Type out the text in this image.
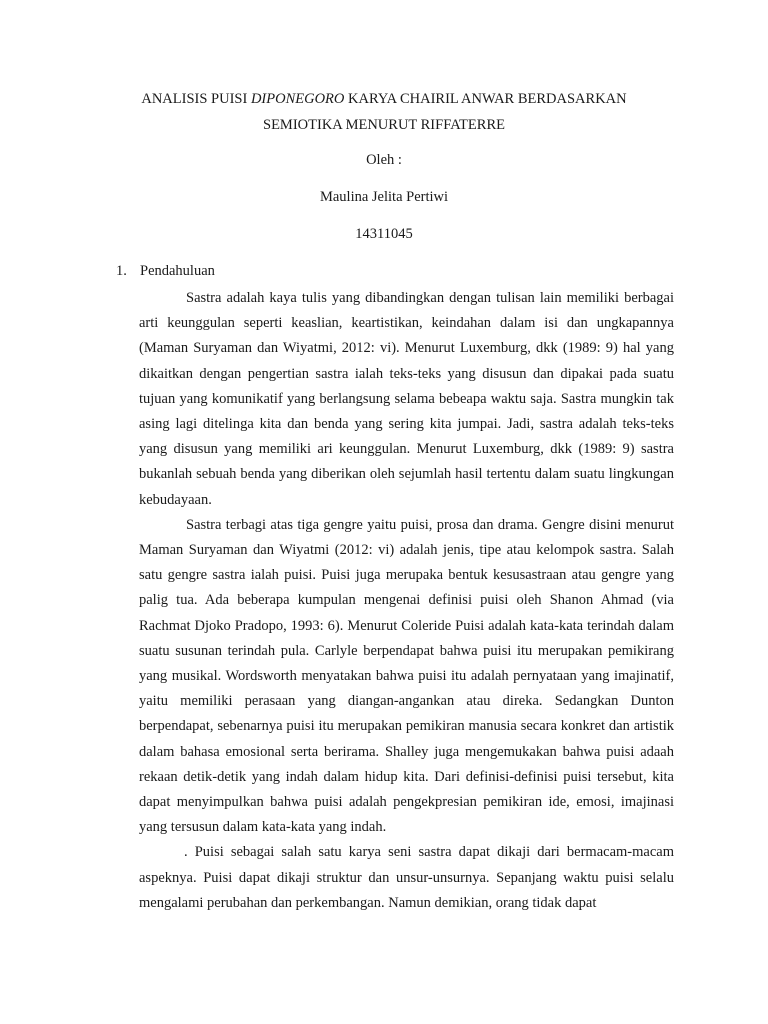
ANALISIS PUISI DIPONEGORO KARYA CHAIRIL ANWAR BERDASARKAN
SEMIOTIKA MENURUT RIFFATERRE
Oleh :
Maulina Jelita Pertiwi
14311045
1. Pendahuluan

Sastra adalah kaya tulis yang dibandingkan dengan tulisan lain memiliki berbagai arti keunggulan seperti keaslian, keartistikan, keindahan dalam isi dan ungkapannya (Maman Suryaman dan Wiyatmi, 2012: vi). Menurut Luxemburg, dkk (1989: 9) hal yang dikaitkan dengan pengertian sastra ialah teks-teks yang disusun dan dipakai pada suatu tujuan yang komunikatif yang berlangsung selama bebeapa waktu saja. Sastra mungkin tak asing lagi ditelinga kita dan benda yang sering kita jumpai. Jadi, sastra adalah teks-teks yang disusun yang memiliki ari keunggulan. Menurut Luxemburg, dkk (1989: 9) sastra bukanlah sebuah benda yang diberikan oleh sejumlah hasil tertentu dalam suatu lingkungan kebudayaan.

Sastra terbagi atas tiga gengre yaitu puisi, prosa dan drama. Gengre disini menurut Maman Suryaman dan Wiyatmi (2012: vi) adalah jenis, tipe atau kelompok sastra. Salah satu gengre sastra ialah puisi. Puisi juga merupaka bentuk kesusastraan atau gengre yang palig tua. Ada beberapa kumpulan mengenai definisi puisi oleh Shanon Ahmad (via Rachmat Djoko Pradopo, 1993: 6). Menurut Coleride Puisi adalah kata-kata terindah dalam suatu susunan terindah pula. Carlyle berpendapat bahwa puisi itu merupakan pemikirang yang musikal. Wordsworth menyatakan bahwa puisi itu adalah pernyataan yang imajinatif, yaitu memiliki perasaan yang diangan-angankan atau direka. Sedangkan Dunton berpendapat, sebenarnya puisi itu merupakan pemikiran manusia secara konkret dan artistik dalam bahasa emosional serta berirama. Shalley juga mengemukakan bahwa puisi adaah rekaan detik-detik yang indah dalam hidup kita. Dari definisi-definisi puisi tersebut, kita dapat menyimpulkan bahwa puisi adalah pengekpresian pemikiran ide, emosi, imajinasi yang tersusun dalam kata-kata yang indah.

. Puisi sebagai salah satu karya seni sastra dapat dikaji dari bermacam-macam aspeknya. Puisi dapat dikaji struktur dan unsur-unsurnya. Sepanjang waktu puisi selalu mengalami perubahan dan perkembangan. Namun demikian, orang tidak dapat
